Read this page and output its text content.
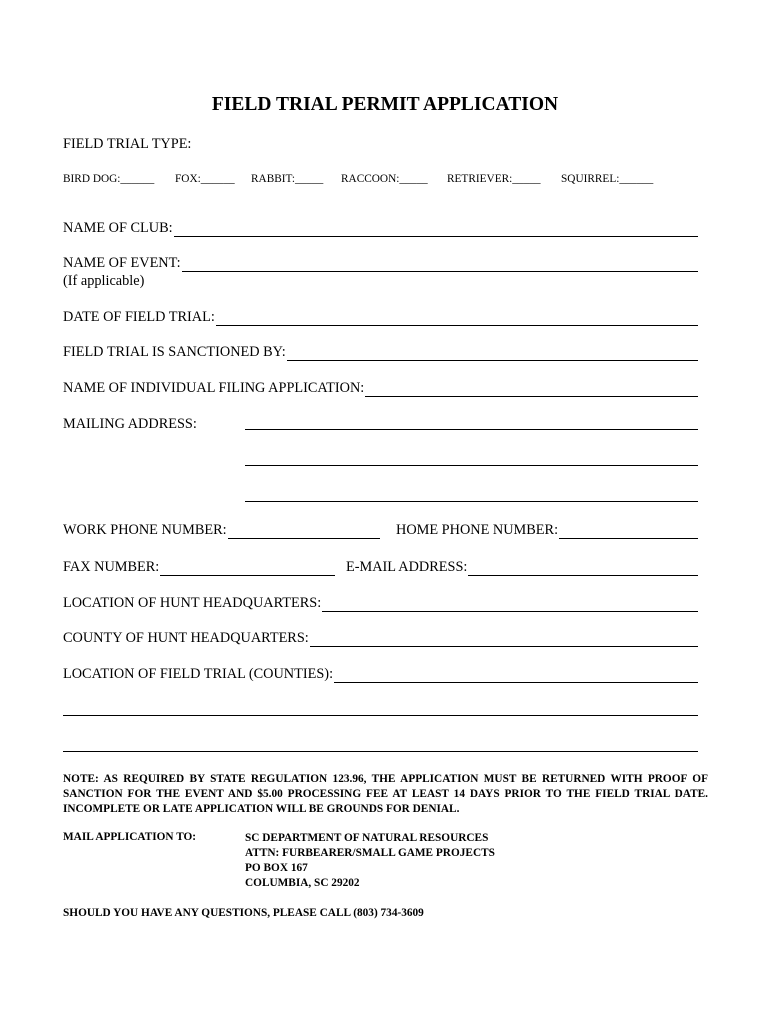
FIELD TRIAL PERMIT APPLICATION
FIELD TRIAL TYPE:
BIRD DOG:______ FOX:______ RABBIT:_____ RACCOON:_____ RETRIEVER:_____ SQUIRREL:______
NAME OF CLUB:
NAME OF EVENT:
(If applicable)
DATE OF FIELD TRIAL:
FIELD TRIAL IS SANCTIONED BY:
NAME OF INDIVIDUAL FILING APPLICATION:
MAILING ADDRESS:
WORK PHONE NUMBER:	HOME PHONE NUMBER:
FAX NUMBER:	E-MAIL ADDRESS:
LOCATION OF HUNT HEADQUARTERS:
COUNTY OF HUNT HEADQUARTERS:
LOCATION OF FIELD TRIAL (COUNTIES):
NOTE: AS REQUIRED BY STATE REGULATION 123.96, THE APPLICATION MUST BE RETURNED WITH PROOF OF SANCTION FOR THE EVENT AND $5.00 PROCESSING FEE AT LEAST 14 DAYS PRIOR TO THE FIELD TRIAL DATE. INCOMPLETE OR LATE APPLICATION WILL BE GROUNDS FOR DENIAL.
MAIL APPLICATION TO:	SC DEPARTMENT OF NATURAL RESOURCES
ATTN: FURBEARER/SMALL GAME PROJECTS
PO BOX 167
COLUMBIA, SC 29202
SHOULD YOU HAVE ANY QUESTIONS, PLEASE CALL (803) 734-3609
